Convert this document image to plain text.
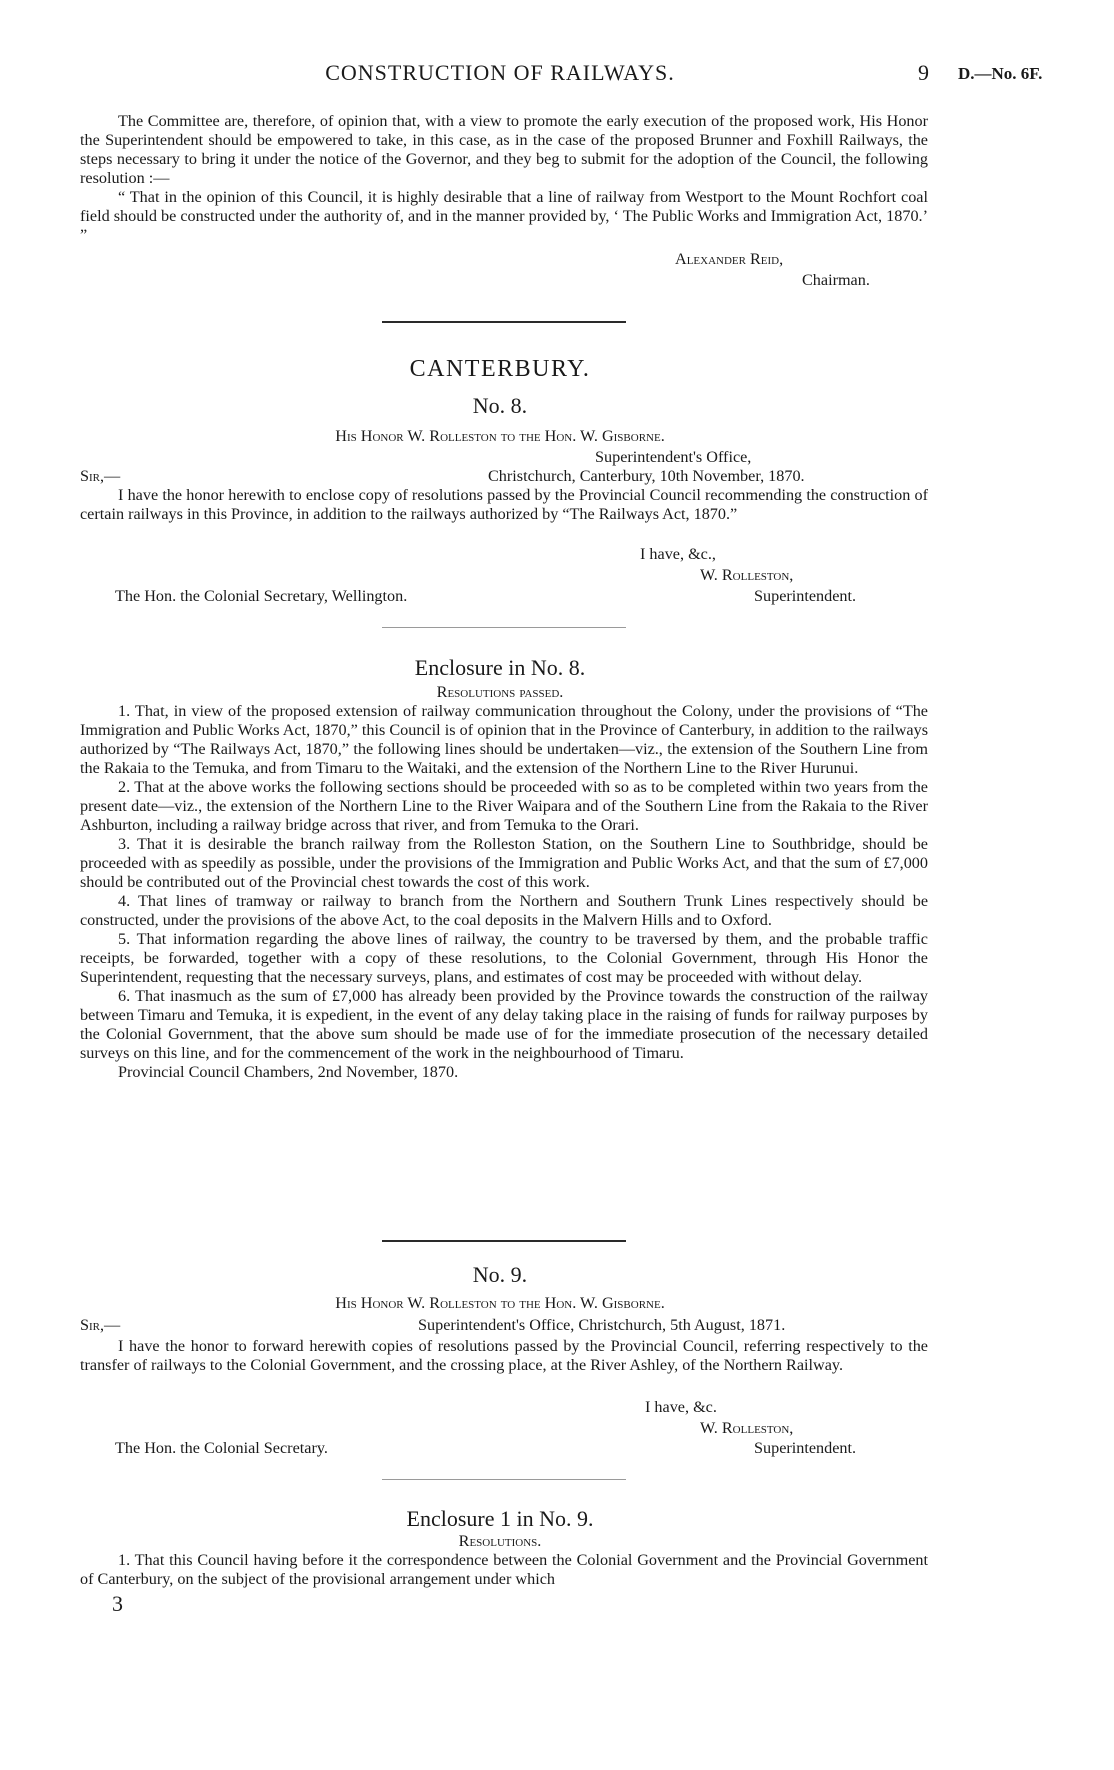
CONSTRUCTION OF RAILWAYS.	9 D.—No. 6F.

The Committee are, therefore, of opinion that, with a view to promote the early execution of the proposed work, His Honor the Superintendent should be empowered to take, in this case, as in the case of the proposed Brunner and Foxhill Railways, the steps necessary to bring it under the notice of the Governor, and they beg to submit for the adoption of the Council, the following resolution :—

“ That in the opinion of this Council, it is highly desirable that a line of railway from Westport to the Mount Rochfort coal field should be constructed under the authority of, and in the manner provided by, ‘ The Public Works and Immigration Act, 1870.’ ”

Alexander Reid,
Chairman.
CANTERBURY.
No. 8.
His Honor W. Rolleston to the Hon. W. Gisborne.
Superintendent's Office,
Sir,—	Christchurch, Canterbury, 10th November, 1870.

I have the honor herewith to enclose copy of resolutions passed by the Provincial Council recommending the construction of certain railways in this Province, in addition to the railways authorized by “The Railways Act, 1870.”

I have, &c.,
W. Rolleston,
The Hon. the Colonial Secretary, Wellington.	Superintendent.
Enclosure in No. 8.
Resolutions passed.

1. That, in view of the proposed extension of railway communication throughout the Colony, under the provisions of “The Immigration and Public Works Act, 1870,” this Council is of opinion that in the Province of Canterbury, in addition to the railways authorized by “The Railways Act, 1870,” the following lines should be undertaken—viz., the extension of the Southern Line from the Rakaia to the Temuka, and from Timaru to the Waitaki, and the extension of the Northern Line to the River Hurunui.

2. That at the above works the following sections should be proceeded with so as to be completed within two years from the present date—viz., the extension of the Northern Line to the River Waipara and of the Southern Line from the Rakaia to the River Ashburton, including a railway bridge across that river, and from Temuka to the Orari.

3. That it is desirable the branch railway from the Rolleston Station, on the Southern Line to Southbridge, should be proceeded with as speedily as possible, under the provisions of the Immigration and Public Works Act, and that the sum of £7,000 should be contributed out of the Provincial chest towards the cost of this work.

4. That lines of tramway or railway to branch from the Northern and Southern Trunk Lines respectively should be constructed, under the provisions of the above Act, to the coal deposits in the Malvern Hills and to Oxford.

5. That information regarding the above lines of railway, the country to be traversed by them, and the probable traffic receipts, be forwarded, together with a copy of these resolutions, to the Colonial Government, through His Honor the Superintendent, requesting that the necessary surveys, plans, and estimates of cost may be proceeded with without delay.

6. That inasmuch as the sum of £7,000 has already been provided by the Province towards the construction of the railway between Timaru and Temuka, it is expedient, in the event of any delay taking place in the raising of funds for railway purposes by the Colonial Government, that the above sum should be made use of for the immediate prosecution of the necessary detailed surveys on this line, and for the commencement of the work in the neighbourhood of Timaru.

Provincial Council Chambers, 2nd November, 1870.

No. 9.
His Honor W. Rolleston to the Hon. W. Gisborne.
Sir,—	Superintendent's Office, Christchurch, 5th August, 1871.

I have the honor to forward herewith copies of resolutions passed by the Provincial Council, referring respectively to the transfer of railways to the Colonial Government, and the crossing place, at the River Ashley, of the Northern Railway.

I have, &c.
W. Rolleston,
The Hon. the Colonial Secretary.	Superintendent.
Enclosure 1 in No. 9.
Resolutions.

1. That this Council having before it the correspondence between the Colonial Government and the Provincial Government of Canterbury, on the subject of the provisional arrangement under which

3
